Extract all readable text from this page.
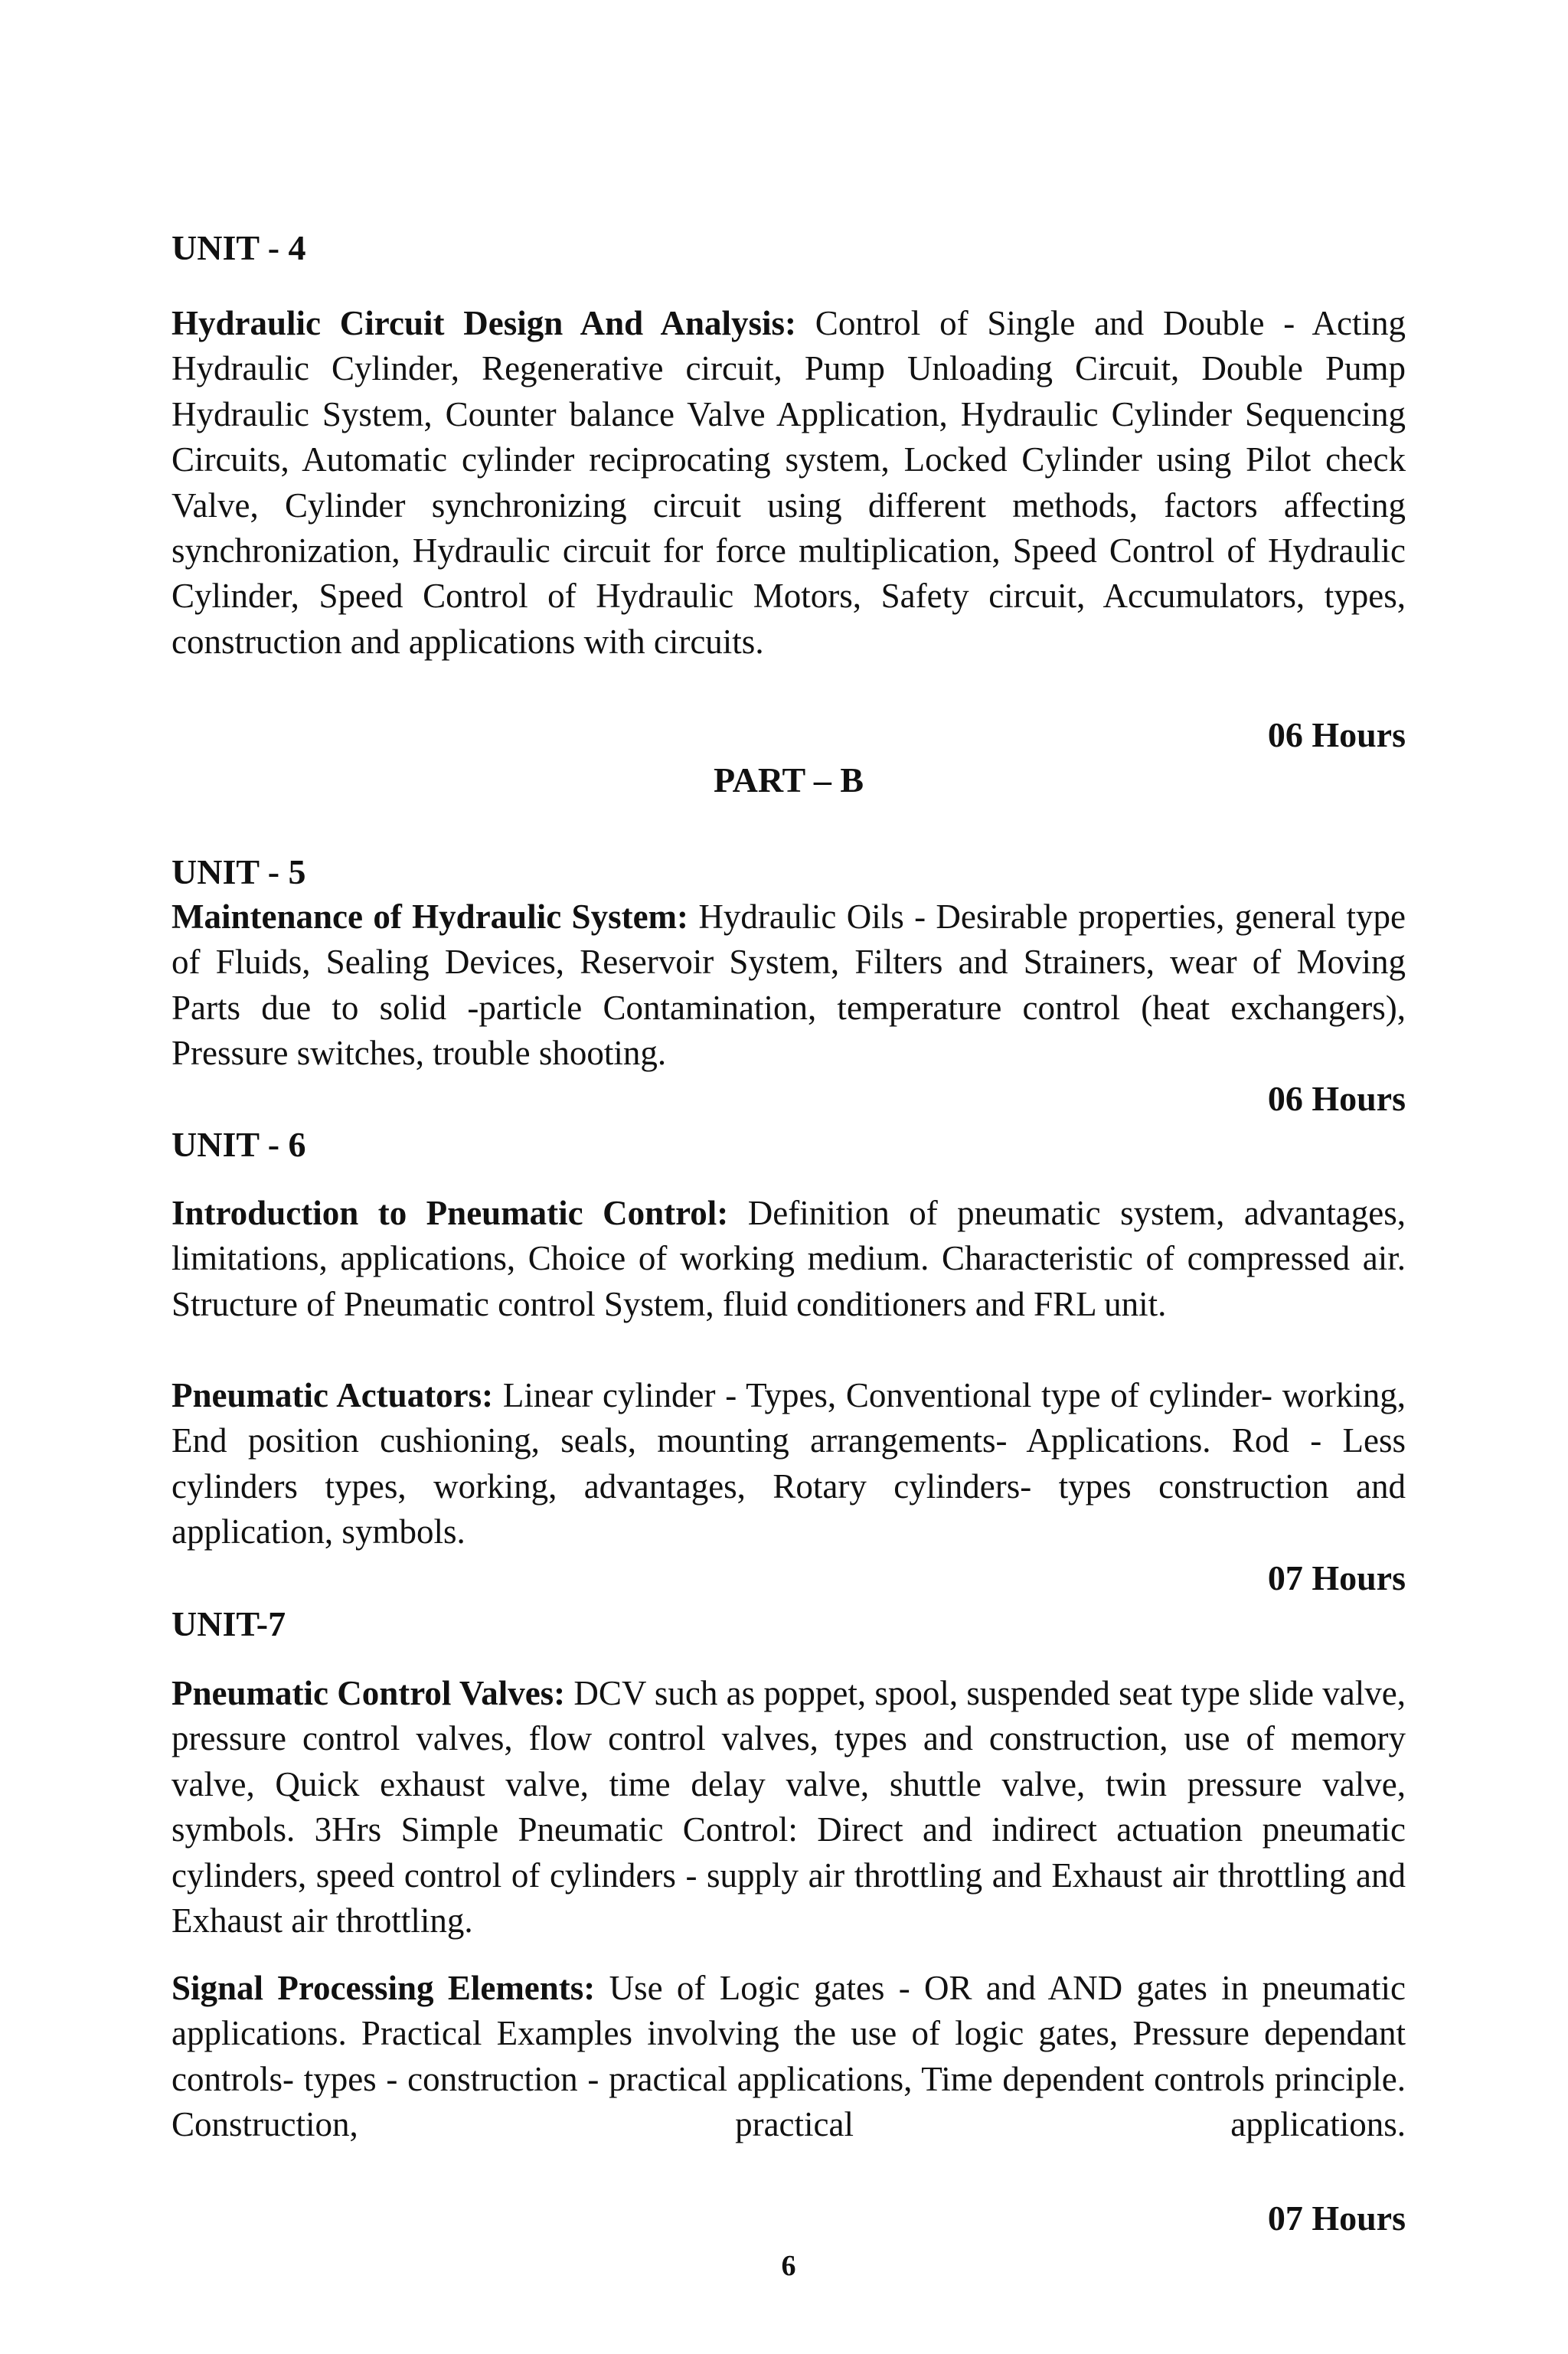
UNIT - 4
Hydraulic Circuit Design And Analysis: Control of Single and Double - Acting Hydraulic Cylinder, Regenerative circuit, Pump Unloading Circuit, Double Pump Hydraulic System, Counter balance Valve Application, Hydraulic Cylinder Sequencing Circuits, Automatic cylinder reciprocating system, Locked Cylinder using Pilot check Valve, Cylinder synchronizing circuit using different methods, factors affecting synchronization, Hydraulic circuit for force multiplication, Speed Control of Hydraulic Cylinder, Speed Control of Hydraulic Motors, Safety circuit, Accumulators, types, construction and applications with circuits.
06 Hours
PART – B
UNIT - 5
Maintenance of Hydraulic System: Hydraulic Oils - Desirable properties, general type of Fluids, Sealing Devices, Reservoir System, Filters and Strainers, wear of Moving Parts due to solid -particle Contamination, temperature control (heat exchangers), Pressure switches, trouble shooting.
06 Hours
UNIT - 6
Introduction to Pneumatic Control: Definition of pneumatic system, advantages, limitations, applications, Choice of working medium. Characteristic of compressed air. Structure of Pneumatic control System, fluid conditioners and FRL unit.
Pneumatic Actuators: Linear cylinder - Types, Conventional type of cylinder- working, End position cushioning, seals, mounting arrangements- Applications. Rod - Less cylinders types, working, advantages, Rotary cylinders- types construction and application, symbols.
07 Hours
UNIT-7
Pneumatic Control Valves: DCV such as poppet, spool, suspended seat type slide valve, pressure control valves, flow control valves, types and construction, use of memory valve, Quick exhaust valve, time delay valve, shuttle valve, twin pressure valve, symbols. 3Hrs Simple Pneumatic Control: Direct and indirect actuation pneumatic cylinders, speed control of cylinders - supply air throttling and Exhaust air throttling and Exhaust air throttling.
Signal Processing Elements: Use of Logic gates - OR and AND gates in pneumatic applications. Practical Examples involving the use of logic gates, Pressure dependant controls- types - construction - practical applications, Time dependent controls principle. Construction, practical applications.
07 Hours
6
